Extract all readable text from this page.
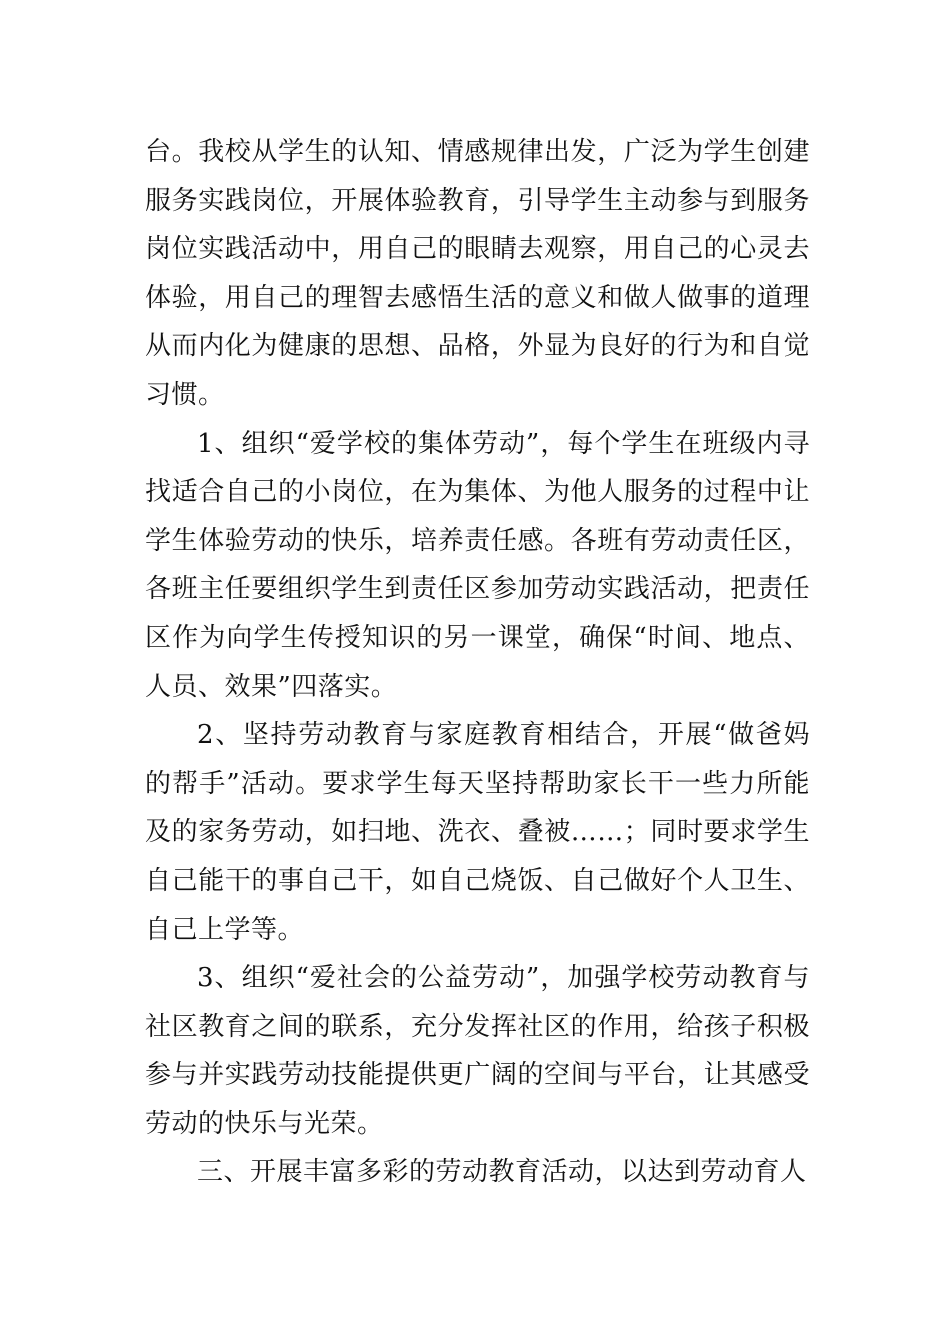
台。我校从学生的认知、情感规律出发，广泛为学生创建服务实践岗位，开展体验教育，引导学生主动参与到服务岗位实践活动中，用自己的眼睛去观察，用自己的心灵去体验，用自己的理智去感悟生活的意义和做人做事的道理从而内化为健康的思想、品格，外显为良好的行为和自觉习惯。

1、组织“爱学校的集体劳动”，每个学生在班级内寻找适合自己的小岗位，在为集体、为他人服务的过程中让学生体验劳动的快乐，培养责任感。各班有劳动责任区，各班主任要组织学生到责任区参加劳动实践活动，把责任区作为向学生传授知识的另一课堂，确保“时间、地点、人员、效果”四落实。

2、坚持劳动教育与家庭教育相结合，开展“做爸妈的帮手”活动。要求学生每天坚持帮助家长干一些力所能及的家务劳动，如扫地、洗衣、叠被……；同时要求学生自己能干的事自己干，如自己烧饭、自己做好个人卫生、自己上学等。

3、组织“爱社会的公益劳动”，加强学校劳动教育与社区教育之间的联系，充分发挥社区的作用，给孩子积极参与并实践劳动技能提供更广阔的空间与平台，让其感受劳动的快乐与光荣。

三、开展丰富多彩的劳动教育活动，以达到劳动育人
